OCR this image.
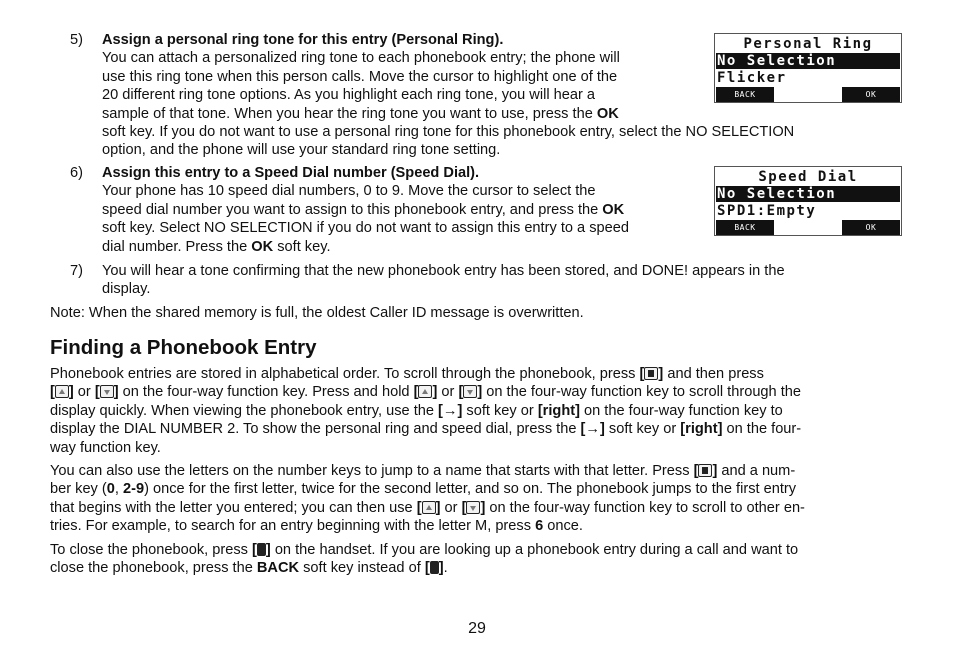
5) Assign a personal ring tone for this entry (Personal Ring).
You can attach a personalized ring tone to each phonebook entry; the phone will
use this ring tone when this person calls. Move the cursor to highlight one of the
20 different ring tone options. As you highlight each ring tone, you will hear a
sample of that tone. When you hear the ring tone you want to use, press the OK
soft key. If you do not want to use a personal ring tone for this phonebook entry, select the NO SELECTION
option, and the phone will use your standard ring tone setting.
Personal Ring
No Selection
Flicker
BACK	OK
6) Assign this entry to a Speed Dial number (Speed Dial).
Your phone has 10 speed dial numbers, 0 to 9. Move the cursor to select the
speed dial number you want to assign to this phonebook entry, and press the OK
soft key. Select NO SELECTION if you do not want to assign this entry to a speed
dial number. Press the OK soft key.
Speed Dial
No Selection
SPD1:Empty
BACK	OK
7) You will hear a tone confirming that the new phonebook entry has been stored, and DONE! appears in the
display.
Note: When the shared memory is full, the oldest Caller ID message is overwritten.
Finding a Phonebook Entry
Phonebook entries are stored in alphabetical order. To scroll through the phonebook, press [ ] and then press
[ ] or [ ] on the four-way function key. Press and hold [ ] or [ ] on the four-way function key to scroll through the
display quickly. When viewing the phonebook entry, use the [→] soft key or [right] on the four-way function key to
display the DIAL NUMBER 2. To show the personal ring and speed dial, press the [→] soft key or [right] on the four-
way function key.
You can also use the letters on the number keys to jump to a name that starts with that letter. Press [ ] and a num-
ber key (0, 2-9) once for the first letter, twice for the second letter, and so on. The phonebook jumps to the first entry
that begins with the letter you entered; you can then use [ ] or [ ] on the four-way function key to scroll to other en-
tries. For example, to search for an entry beginning with the letter M, press 6 once.
To close the phonebook, press [ ] on the handset. If you are looking up a phonebook entry during a call and want to
close the phonebook, press the BACK soft key instead of [ ].
29
